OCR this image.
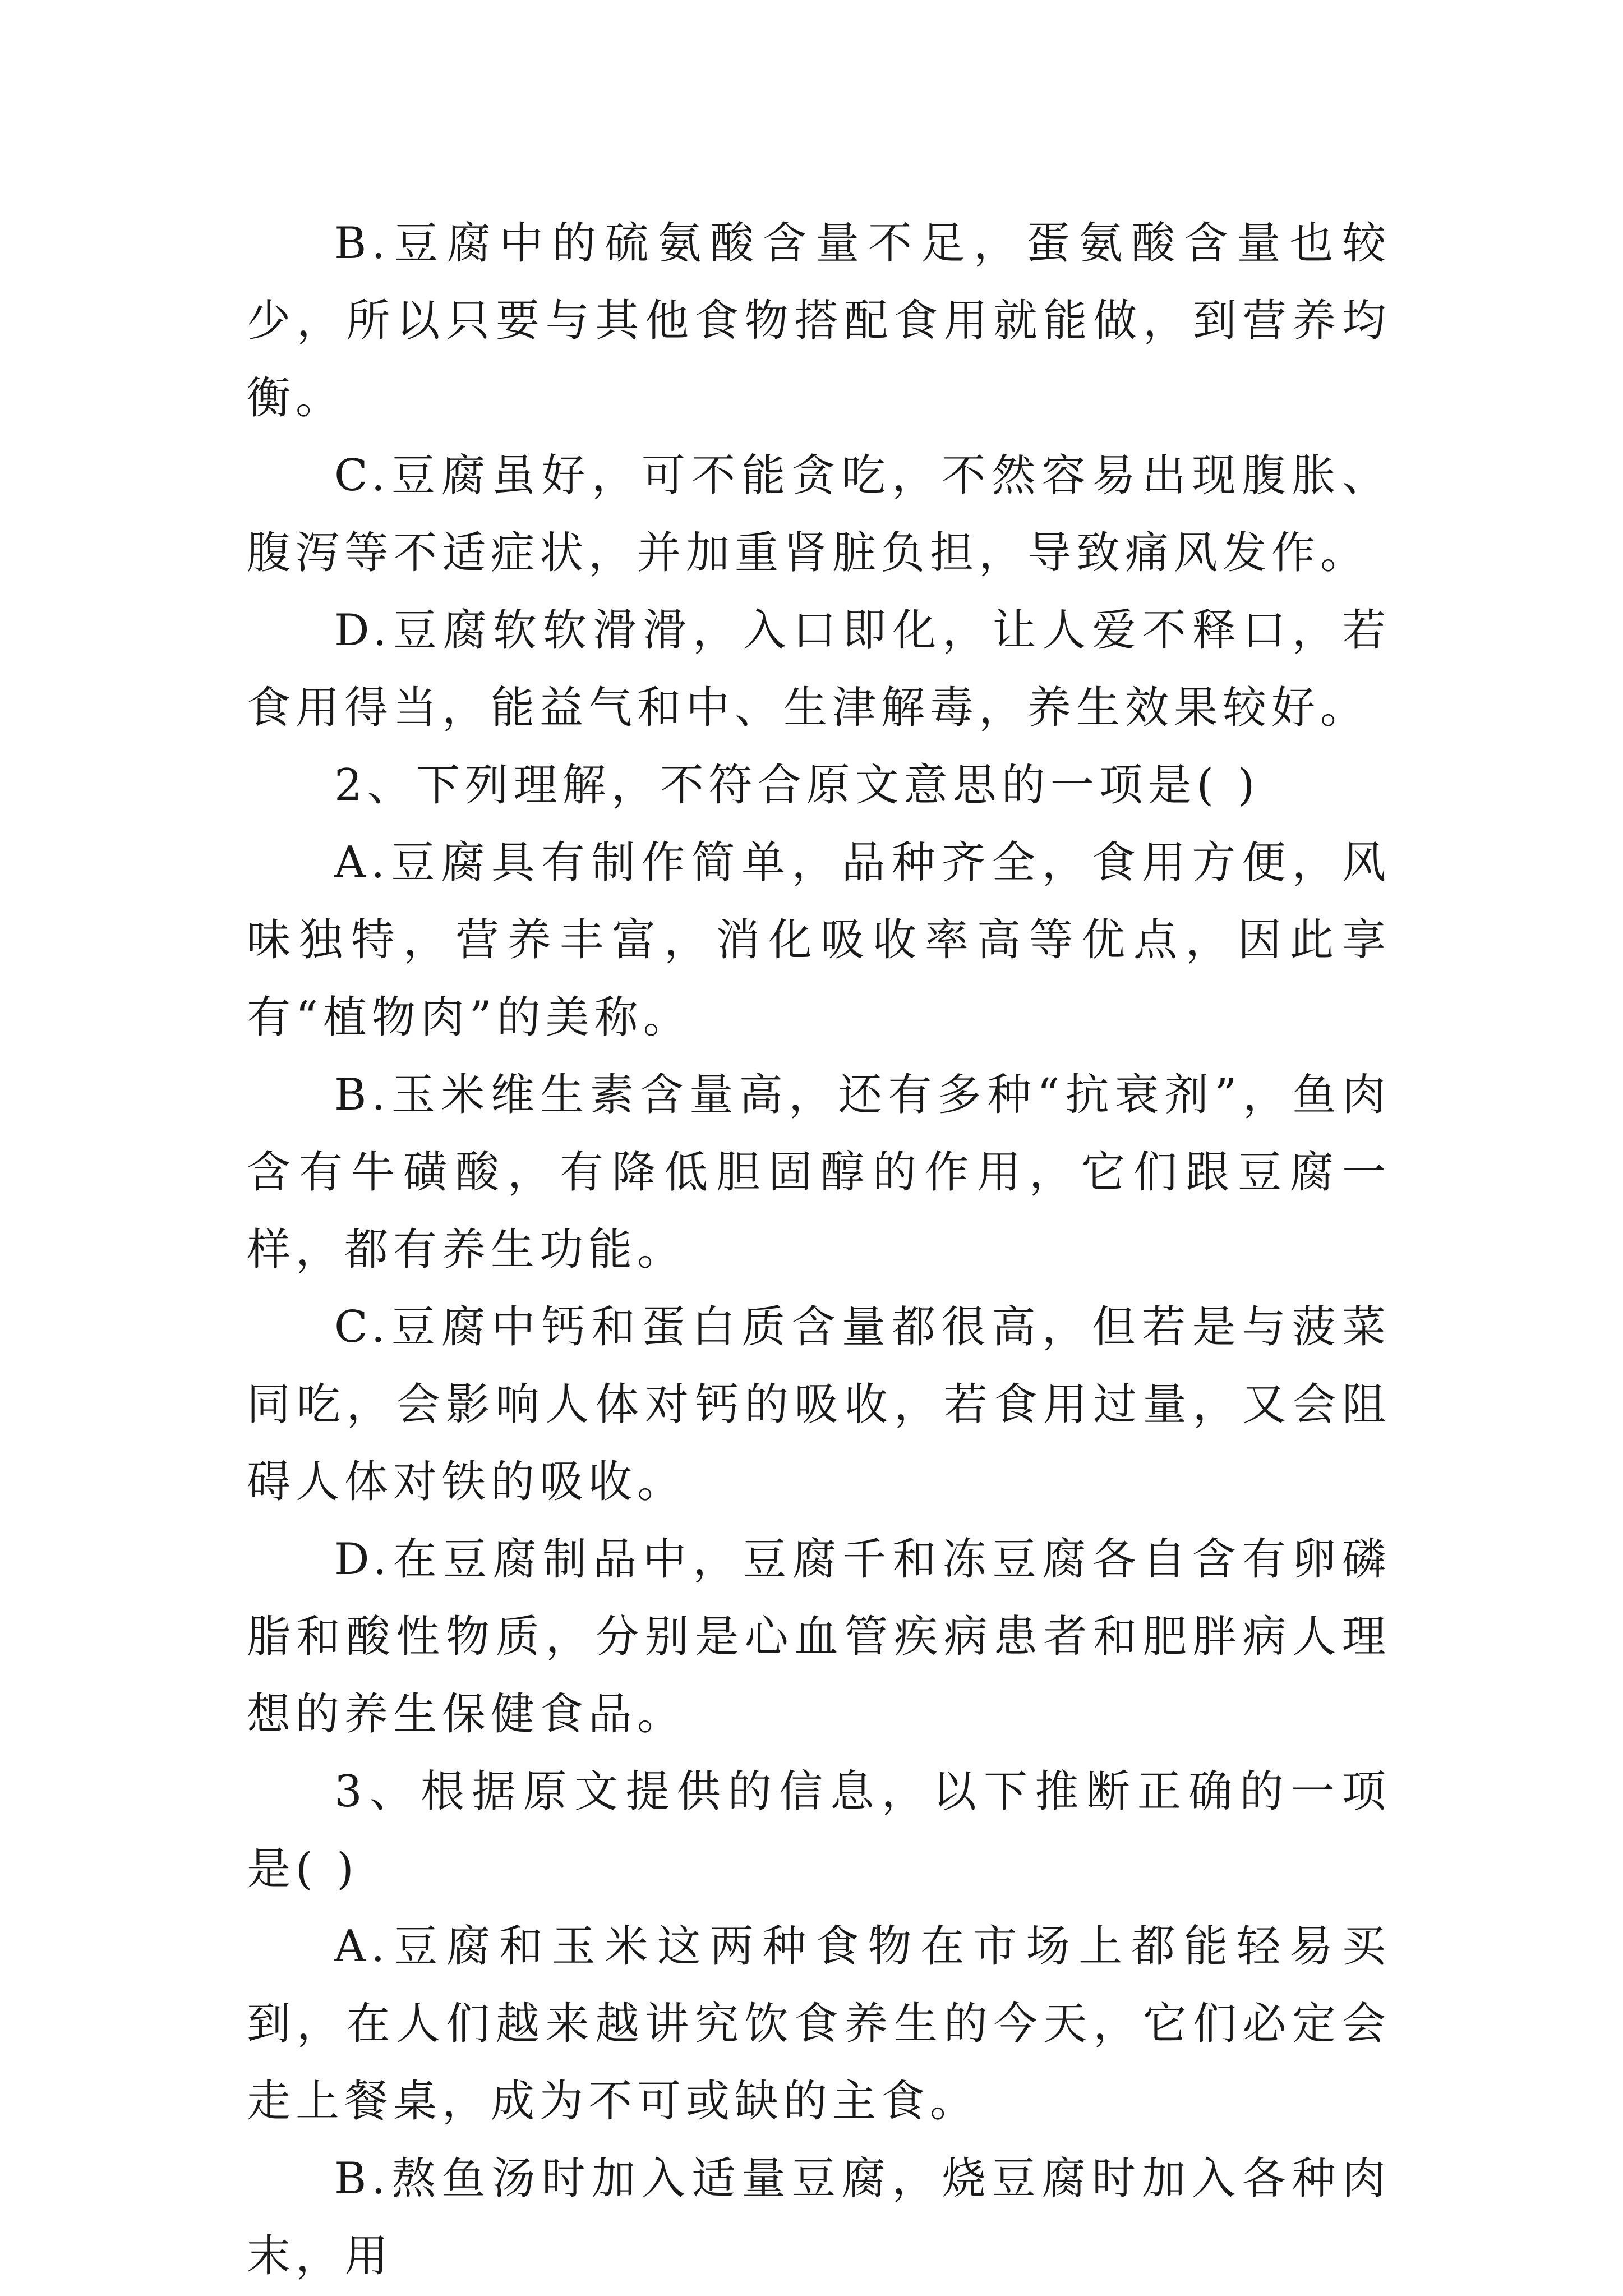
B.豆腐中的硫氨酸含量不足，蛋氨酸含量也较少，所以只要与其他食物搭配食用就能做，到营养均衡。

C.豆腐虽好，可不能贪吃，不然容易出现腹胀、腹泻等不适症状，并加重肾脏负担，导致痛风发作。

D.豆腐软软滑滑，入口即化，让人爱不释口，若食用得当，能益气和中、生津解毒，养生效果较好。

2、下列理解，不符合原文意思的一项是( )

A.豆腐具有制作简单，品种齐全，食用方便，风味独特，营养丰富，消化吸收率高等优点，因此享有“植物肉”的美称。

B.玉米维生素含量高，还有多种“抗衰剂”，鱼肉含有牛磺酸，有降低胆固醇的作用，它们跟豆腐一样，都有养生功能。

C.豆腐中钙和蛋白质含量都很高，但若是与菠菜同吃，会影响人体对钙的吸收，若食用过量，又会阻碍人体对铁的吸收。

D.在豆腐制品中，豆腐千和冻豆腐各自含有卵磷脂和酸性物质，分别是心血管疾病患者和肥胖病人理想的养生保健食品。

3、根据原文提供的信息，以下推断正确的一项是( )

A.豆腐和玉米这两种食物在市场上都能轻易买到，在人们越来越讲究饮食养生的今天，它们必定会走上餐桌，成为不可或缺的主食。

B.熬鱼汤时加入适量豆腐，烧豆腐时加入各种肉末，用
